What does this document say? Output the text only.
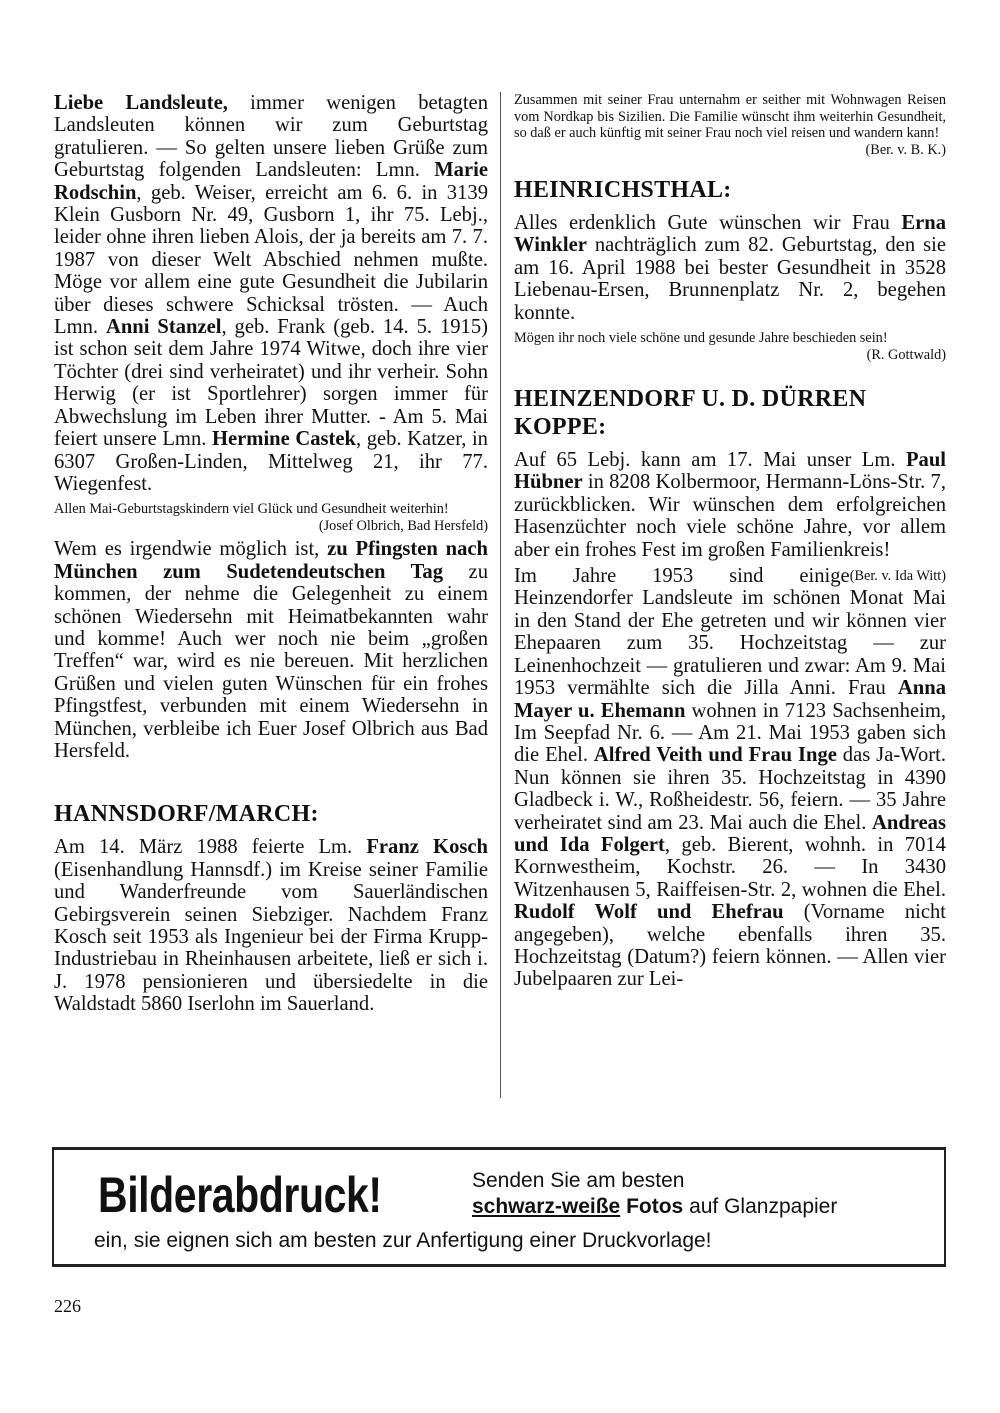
Liebe Landsleute, immer wenigen betagten Landsleuten können wir zum Geburtstag gratulieren. — So gelten unsere lieben Grüße zum Geburtstag folgenden Landsleuten: Lmn. Marie Rodschin, geb. Weiser, erreicht am 6. 6. in 3139 Klein Gusborn Nr. 49, Gusborn 1, ihr 75. Lebj., leider ohne ihren lieben Alois, der ja bereits am 7. 7. 1987 von dieser Welt Abschied nehmen mußte. Möge vor allem eine gute Gesundheit die Jubilarin über dieses schwere Schicksal trösten. — Auch Lmn. Anni Stanzel, geb. Frank (geb. 14. 5. 1915) ist schon seit dem Jahre 1974 Witwe, doch ihre vier Töchter (drei sind verheiratet) und ihr verheir. Sohn Herwig (er ist Sportlehrer) sorgen immer für Abwechslung im Leben ihrer Mutter. - Am 5. Mai feiert unsere Lmn. Hermine Castek, geb. Katzer, in 6307 Großen-Linden, Mittelweg 21, ihr 77. Wiegenfest.

Allen Mai-Geburtstagskindern viel Glück und Gesundheit weiterhin!
(Josef Olbrich, Bad Hersfeld)

Wem es irgendwie möglich ist, zu Pfingsten nach München zum Sudetendeutschen Tag zu kommen, der nehme die Gelegenheit zu einem schönen Wiedersehn mit Heimatbekannten wahr und komme! Auch wer noch nie beim „großen Treffen“ war, wird es nie bereuen. Mit herzlichen Grüßen und vielen guten Wünschen für ein frohes Pfingstfest, verbunden mit einem Wiedersehn in München, verbleibe ich Euer Josef Olbrich aus Bad Hersfeld.

HANNSDORF/MARCH:

Am 14. März 1988 feierte Lm. Franz Kosch (Eisenhandlung Hannsdf.) im Kreise seiner Familie und Wanderfreunde vom Sauerländischen Gebirgsverein seinen Siebziger. Nachdem Franz Kosch seit 1953 als Ingenieur bei der Firma Krupp-Industriebau in Rheinhausen arbeitete, ließ er sich i. J. 1978 pensionieren und übersiedelte in die Waldstadt 5860 Iserlohn im Sauerland.

Zusammen mit seiner Frau unternahm er seither mit Wohnwagen Reisen vom Nordkap bis Sizilien. Die Familie wünscht ihm weiterhin Gesundheit, so daß er auch künftig mit seiner Frau noch viel reisen und wandern kann!
(Ber. v. B. K.)

HEINRICHSTHAL:

Alles erdenklich Gute wünschen wir Frau Erna Winkler nachträglich zum 82. Geburtstag, den sie am 16. April 1988 bei bester Gesundheit in 3528 Liebenau-Ersen, Brunnenplatz Nr. 2, begehen konnte.

Mögen ihr noch viele schöne und gesunde Jahre beschieden sein!
(R. Gottwald)

HEINZENDORF U. D. DÜRREN KOPPE:

Auf 65 Lebj. kann am 17. Mai unser Lm. Paul Hübner in 8208 Kolbermoor, Hermann-Löns-Str. 7, zurückblicken. Wir wünschen dem erfolgreichen Hasenzüchter noch viele schöne Jahre, vor allem aber ein frohes Fest im großen Familienkreis!
(Ber. v. Ida Witt)

Im Jahre 1953 sind einige Heinzendorfer Landsleute im schönen Monat Mai in den Stand der Ehe getreten und wir können vier Ehepaaren zum 35. Hochzeitstag — zur Leinenhochzeit — gratulieren und zwar: Am 9. Mai 1953 vermählte sich die Jilla Anni. Frau Anna Mayer u. Ehemann wohnen in 7123 Sachsenheim, Im Seepfad Nr. 6. — Am 21. Mai 1953 gaben sich die Ehel. Alfred Veith und Frau Inge das Ja-Wort. Nun können sie ihren 35. Hochzeitstag in 4390 Gladbeck i. W., Roßheidestr. 56, feiern. — 35 Jahre verheiratet sind am 23. Mai auch die Ehel. Andreas und Ida Folgert, geb. Bierent, wohnh. in 7014 Kornwestheim, Kochstr. 26. — In 3430 Witzenhausen 5, Raiffeisen-Str. 2, wohnen die Ehel. Rudolf Wolf und Ehefrau (Vorname nicht angegeben), welche ebenfalls ihren 35. Hochzeitstag (Datum?) feiern können. — Allen vier Jubelpaaren zur Lei-

Bilderabdruck!	Senden Sie am besten
schwarz-weiße Fotos auf Glanzpapier
ein, sie eignen sich am besten zur Anfertigung einer Druckvorlage!
226
